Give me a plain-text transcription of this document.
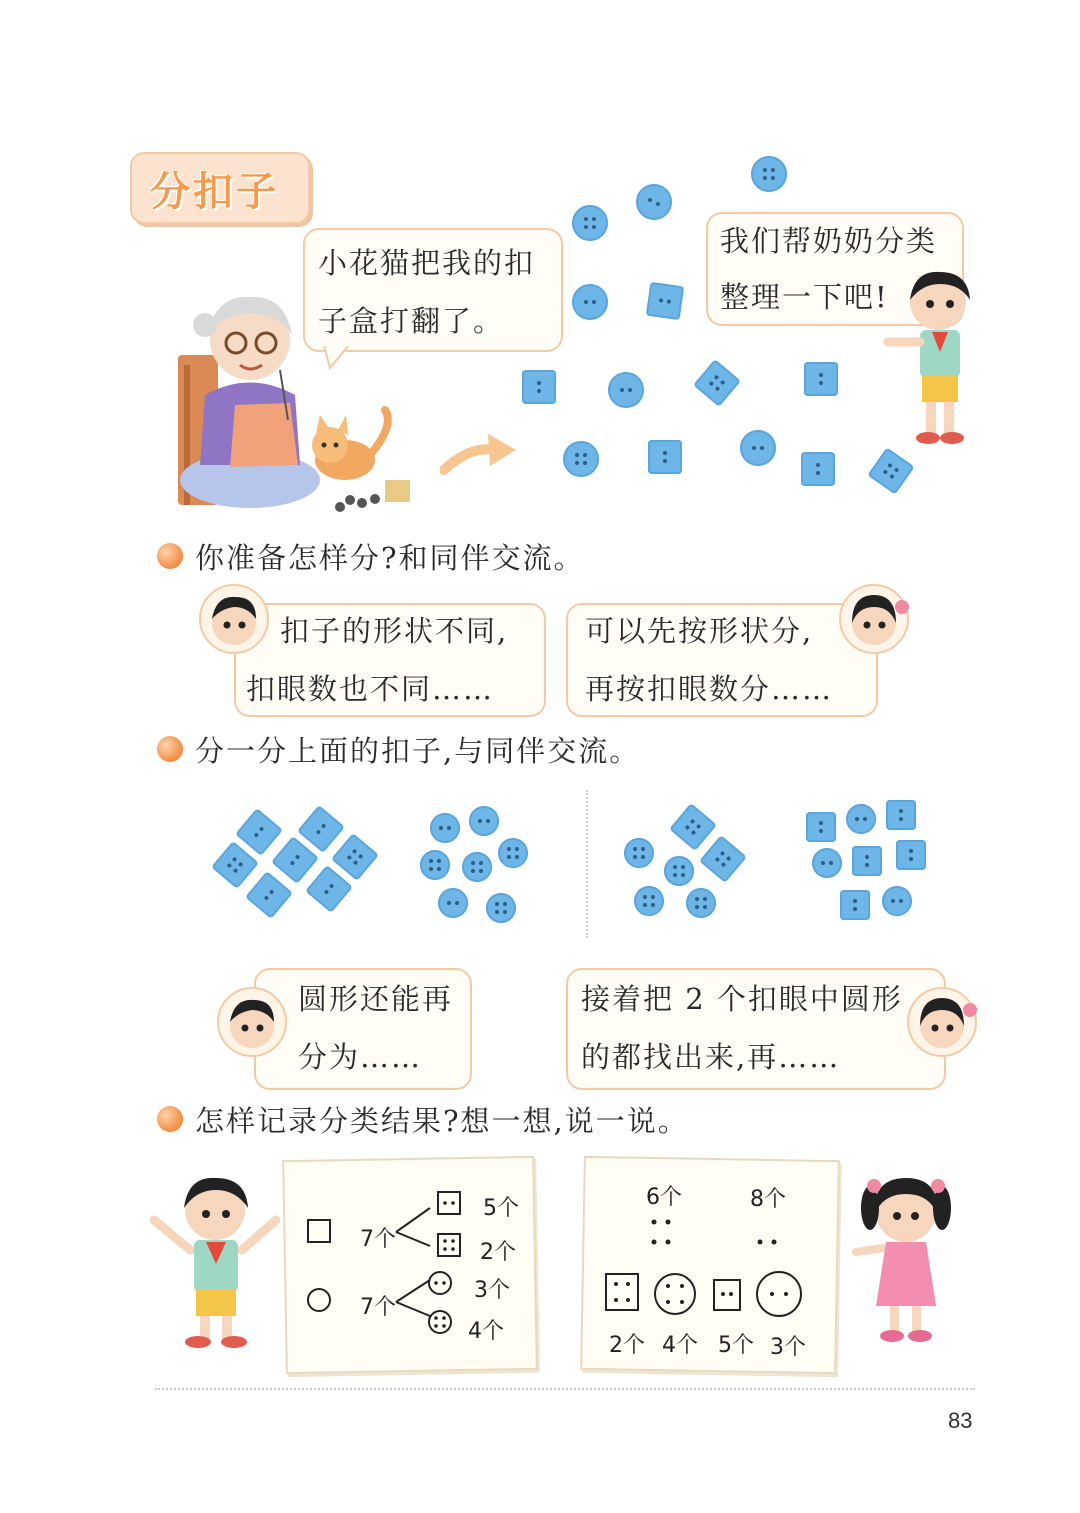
分扣子
小花猫把我的扣
子盒打翻了。
我们帮奶奶分类
整理一下吧!
你准备怎样分?和同伴交流。
扣子的形状不同,
扣眼数也不同……
可以先按形状分,
再按扣眼数分……
分一分上面的扣子,与同伴交流。
圆形还能再
分为……
接着把 2 个扣眼中圆形
的都找出来,再……
怎样记录分类结果?想一想,说一说。
7个
7个
5个
2个
3个
4个
6个	8个
2个 4个 5个 3个
83
